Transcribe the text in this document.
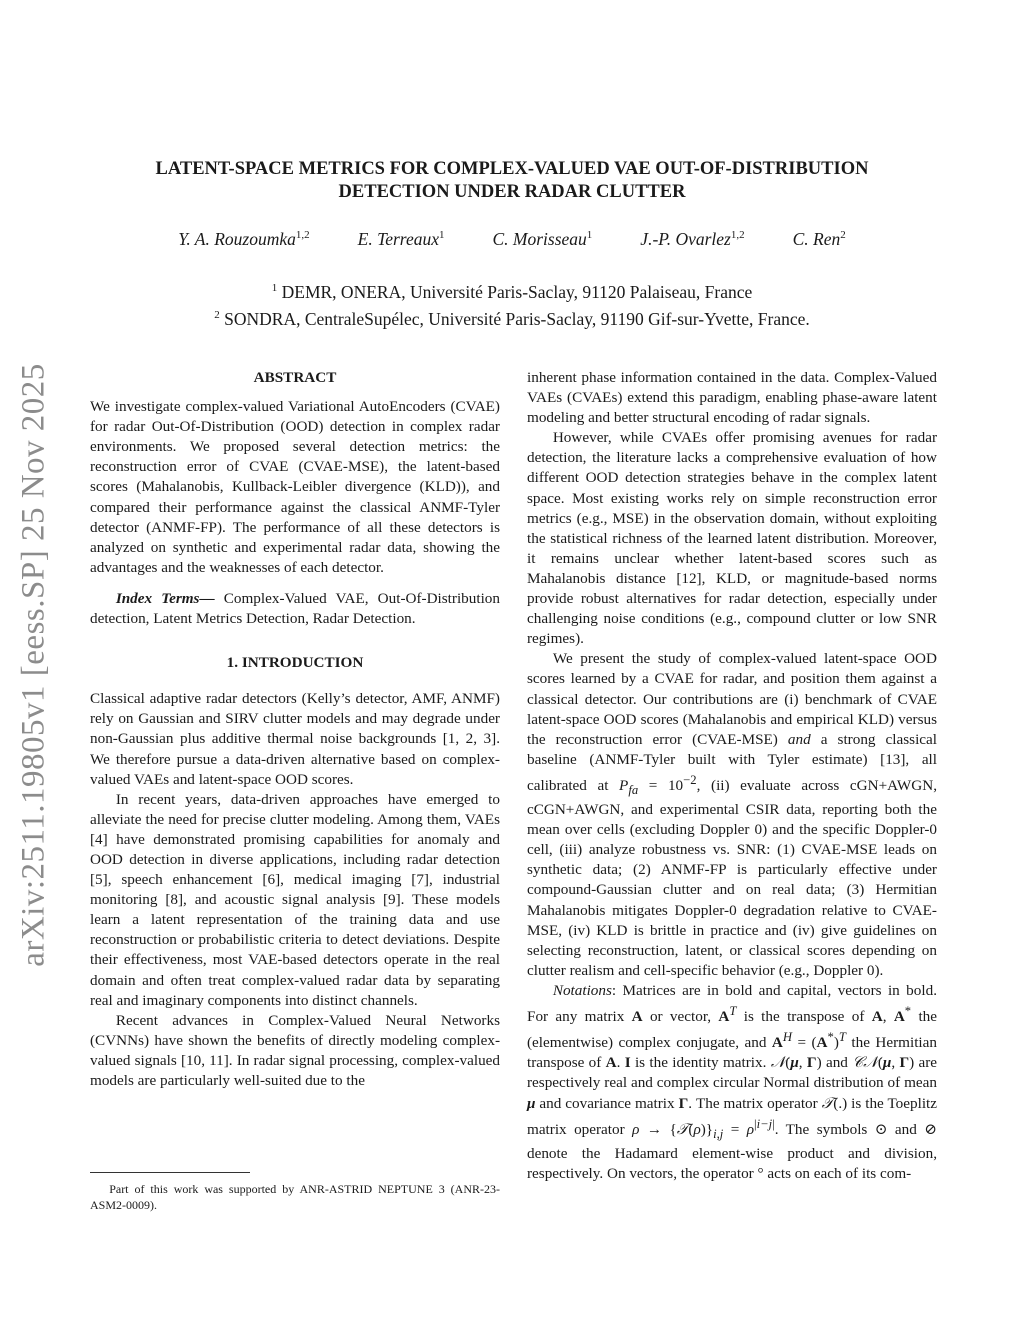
arXiv:2511.19805v1 [eess.SP] 25 Nov 2025
LATENT-SPACE METRICS FOR COMPLEX-VALUED VAE OUT-OF-DISTRIBUTION
DETECTION UNDER RADAR CLUTTER
Y. A. Rouzoumka$^{1,2}$	E. Terreaux$^1$	C. Morisseau$^1$	J.-P. Ovarlez$^{1,2}$	C. Ren$^2$
$^1$ DEMR, ONERA, Université Paris-Saclay, 91120 Palaiseau, France
$^2$ SONDRA, CentraleSupélec, Université Paris-Saclay, 91190 Gif-sur-Yvette, France.
ABSTRACT

We investigate complex-valued Variational AutoEncoders (CVAE) for radar Out-Of-Distribution (OOD) detection in complex radar environments. We proposed several detection metrics: the reconstruction error of CVAE (CVAE-MSE), the latent-based scores (Mahalanobis, Kullback-Leibler divergence (KLD)), and compared their performance against the classical ANMF-Tyler detector (ANMF-FP). The performance of all these detectors is analyzed on synthetic and experimental radar data, showing the advantages and the weaknesses of each detector.

Index Terms— Complex-Valued VAE, Out-Of-Distribution detection, Latent Metrics Detection, Radar Detection.

1. INTRODUCTION

Classical adaptive radar detectors (Kelly’s detector, AMF, ANMF) rely on Gaussian and SIRV clutter models and may degrade under non-Gaussian plus additive thermal noise backgrounds [1, 2, 3]. We therefore pursue a data-driven alternative based on complex-valued VAEs and latent-space OOD scores.

In recent years, data-driven approaches have emerged to alleviate the need for precise clutter modeling. Among them, VAEs [4] have demonstrated promising capabilities for anomaly and OOD detection in diverse applications, including radar detection [5], speech enhancement [6], medical imaging [7], industrial monitoring [8], and acoustic signal analysis [9]. These models learn a latent representation of the training data and use reconstruction or probabilistic criteria to detect deviations. Despite their effectiveness, most VAE-based detectors operate in the real domain and often treat complex-valued radar data by separating real and imaginary components into distinct channels.

Recent advances in Complex-Valued Neural Networks (CVNNs) have shown the benefits of directly modeling complex-valued signals [10, 11]. In radar signal processing, complex-valued models are particularly well-suited due to the

Part of this work was supported by ANR-ASTRID NEPTUNE 3 (ANR-23-ASM2-0009).

inherent phase information contained in the data. Complex-Valued VAEs (CVAEs) extend this paradigm, enabling phase-aware latent modeling and better structural encoding of radar signals.

However, while CVAEs offer promising avenues for radar detection, the literature lacks a comprehensive evaluation of how different OOD detection strategies behave in the complex latent space. Most existing works rely on simple reconstruction error metrics (e.g., MSE) in the observation domain, without exploiting the statistical richness of the learned latent distribution. Moreover, it remains unclear whether latent-based scores such as Mahalanobis distance [12], KLD, or magnitude-based norms provide robust alternatives for radar detection, especially under challenging noise conditions (e.g., compound clutter or low SNR regimes).

We present the study of complex-valued latent-space OOD scores learned by a CVAE for radar, and position them against a classical detector. Our contributions are (i) benchmark of CVAE latent-space OOD scores (Mahalanobis and empirical KLD) versus the reconstruction error (CVAE-MSE) and a strong classical baseline (ANMF-Tyler built with Tyler estimate) [13], all calibrated at $P_{fa} = 10^{-2}$, (ii) evaluate across cGN+AWGN, cCGN+AWGN, and experimental CSIR data, reporting both the mean over cells (excluding Doppler 0) and the specific Doppler-0 cell, (iii) analyze robustness vs. SNR: (1) CVAE-MSE leads on synthetic data; (2) ANMF-FP is particularly effective under compound-Gaussian clutter and on real data; (3) Hermitian Mahalanobis mitigates Doppler-0 degradation relative to CVAE-MSE, (iv) KLD is brittle in practice and (iv) give guidelines on selecting reconstruction, latent, or classical scores depending on clutter realism and cell-specific behavior (e.g., Doppler 0).

Notations: Matrices are in bold and capital, vectors in bold. For any matrix A or vector, $A^T$ is the transpose of A, A* the (elementwise) complex conjugate, and $A^H = (A^*)^T$ the Hermitian transpose of A. I is the identity matrix. 𝒩(μ, Γ) and 𝒞𝒩(μ, Γ) are respectively real and complex circular Normal distribution of mean μ and covariance matrix Γ. The matrix operator 𝒯(.) is the Toeplitz matrix operator $\rho \to \{𝒯(\rho)\}_{i,j} = \rho^{|i-j|}$. The symbols ⊙ and ⊘ denote the Hadamard element-wise product and division, respectively. On vectors, the operator ° acts on each of its com-
